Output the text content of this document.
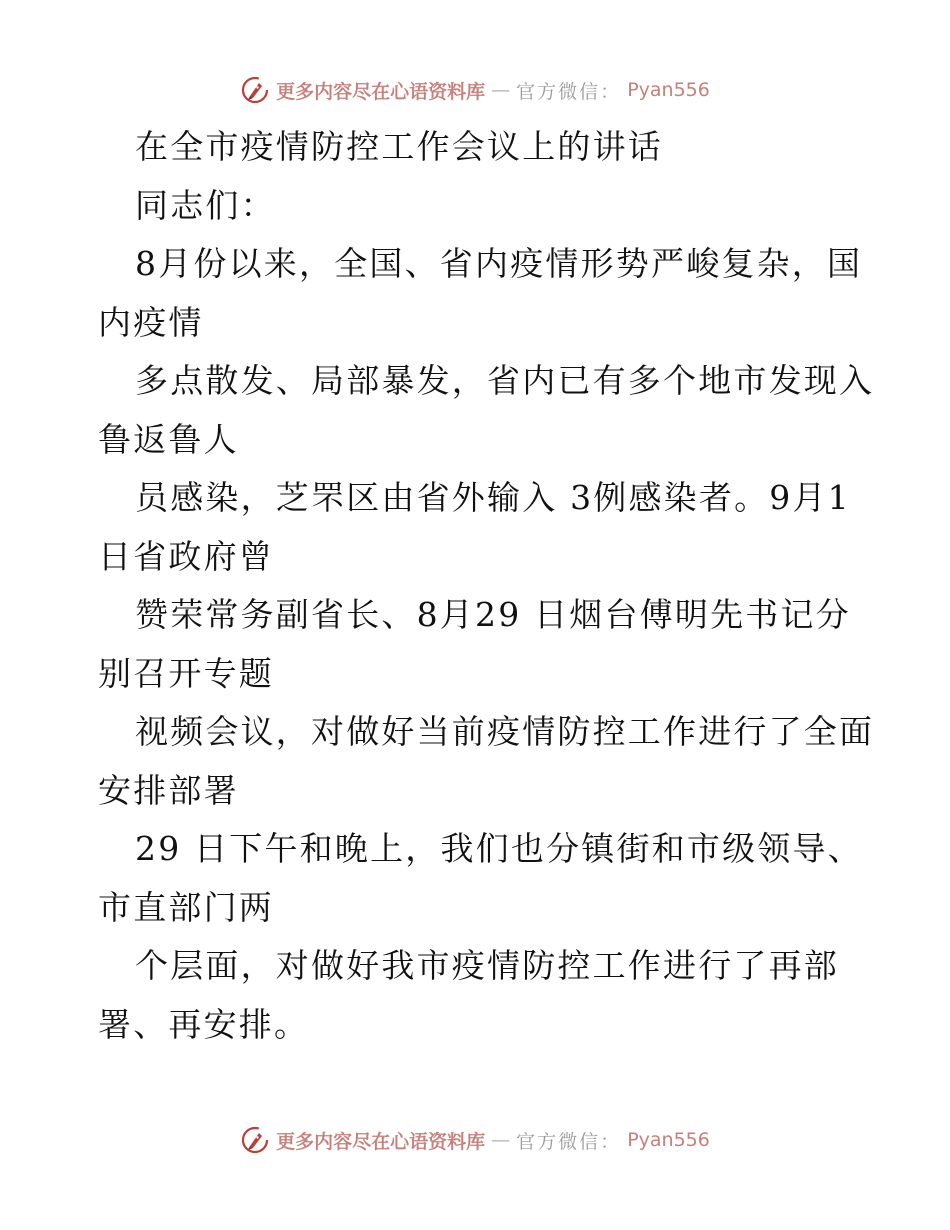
更多内容尽在心语资料库 — 官方微信： Pyan556
在全市疫情防控工作会议上的讲话
同志们：
8月份以来，全国、省内疫情形势严峻复杂，国
内疫情
多点散发、局部暴发，省内已有多个地市发现入
鲁返鲁人
员感染，芝罘区由省外输入 3例感染者。9月1
日省政府曾
赞荣常务副省长、8月29 日烟台傅明先书记分
别召开专题
视频会议，对做好当前疫情防控工作进行了全面
安排部署
29 日下午和晚上，我们也分镇街和市级领导、
市直部门两
个层面，对做好我市疫情防控工作进行了再部
署、再安排。
更多内容尽在心语资料库 — 官方微信： Pyan556
